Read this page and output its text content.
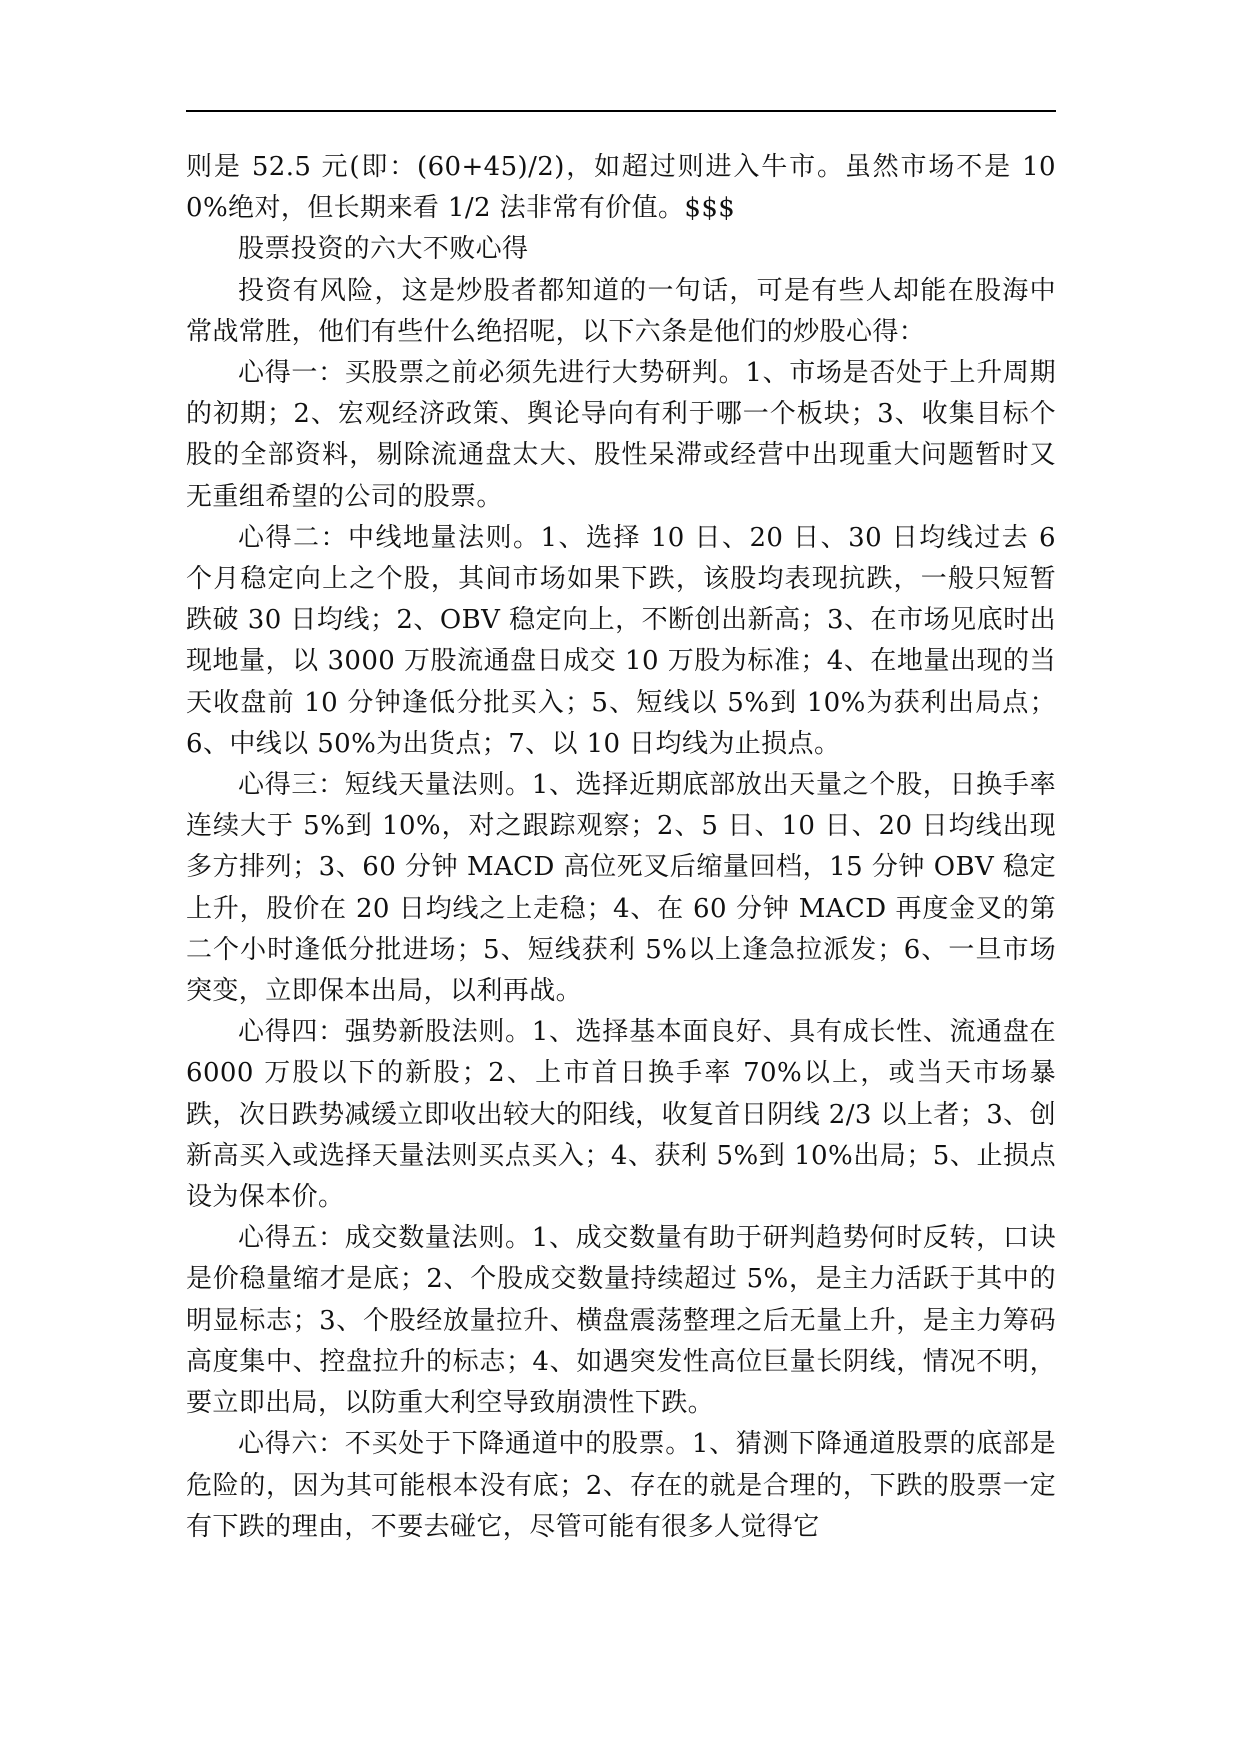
则是 52.5 元(即：(60+45)/2)，如超过则进入牛市。虽然市场不是 100%绝对，但长期来看 1/2 法非常有价值。$$$

股票投资的六大不败心得

投资有风险，这是炒股者都知道的一句话，可是有些人却能在股海中常战常胜，他们有些什么绝招呢，以下六条是他们的炒股心得：

心得一：买股票之前必须先进行大势研判。1、市场是否处于上升周期的初期；2、宏观经济政策、舆论导向有利于哪一个板块；3、收集目标个股的全部资料，剔除流通盘太大、股性呆滞或经营中出现重大问题暂时又无重组希望的公司的股票。

心得二：中线地量法则。1、选择 10 日、20 日、30 日均线过去 6 个月稳定向上之个股，其间市场如果下跌，该股均表现抗跌，一般只短暂跌破 30 日均线；2、OBV 稳定向上，不断创出新高；3、在市场见底时出现地量，以 3000 万股流通盘日成交 10 万股为标准；4、在地量出现的当天收盘前 10 分钟逢低分批买入；5、短线以 5%到 10%为获利出局点；6、中线以 50%为出货点；7、以 10 日均线为止损点。

心得三：短线天量法则。1、选择近期底部放出天量之个股，日换手率连续大于 5%到 10%，对之跟踪观察；2、5 日、10 日、20 日均线出现多方排列；3、60 分钟 MACD 高位死叉后缩量回档，15 分钟 OBV 稳定上升，股价在 20 日均线之上走稳；4、在 60 分钟 MACD 再度金叉的第二个小时逢低分批进场；5、短线获利 5%以上逢急拉派发；6、一旦市场突变，立即保本出局，以利再战。

心得四：强势新股法则。1、选择基本面良好、具有成长性、流通盘在 6000 万股以下的新股；2、上市首日换手率 70%以上，或当天市场暴跌，次日跌势减缓立即收出较大的阳线，收复首日阴线 2/3 以上者；3、创新高买入或选择天量法则买点买入；4、获利 5%到 10%出局；5、止损点设为保本价。

心得五：成交数量法则。1、成交数量有助于研判趋势何时反转，口诀是价稳量缩才是底；2、个股成交数量持续超过 5%，是主力活跃于其中的明显标志；3、个股经放量拉升、横盘震荡整理之后无量上升，是主力筹码高度集中、控盘拉升的标志；4、如遇突发性高位巨量长阴线，情况不明，要立即出局，以防重大利空导致崩溃性下跌。

心得六：不买处于下降通道中的股票。1、猜测下降通道股票的底部是危险的，因为其可能根本没有底；2、存在的就是合理的，下跌的股票一定有下跌的理由，不要去碰它，尽管可能有很多人觉得它
